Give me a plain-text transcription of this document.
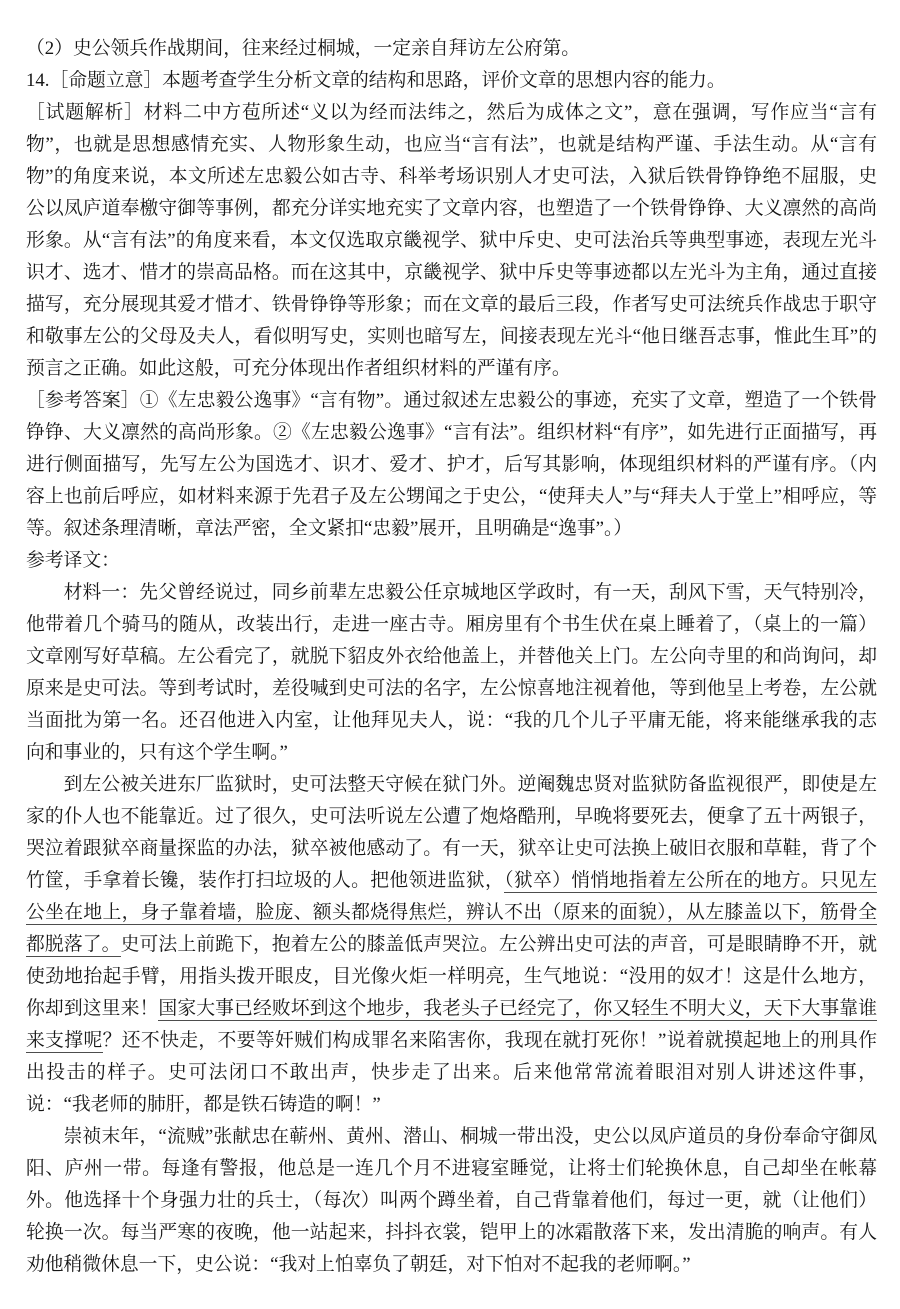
（2）史公领兵作战期间，往来经过桐城，一定亲自拜访左公府第。

14.［命题立意］本题考查学生分析文章的结构和思路，评价文章的思想内容的能力。

［试题解析］材料二中方苞所述“义以为经而法纬之，然后为成体之文”，意在强调，写作应当“言有物”，也就是思想感情充实、人物形象生动，也应当“言有法”，也就是结构严谨、手法生动。从“言有物”的角度来说，本文所述左忠毅公如古寺、科举考场识别人才史可法，入狱后铁骨铮铮绝不屈服，史公以凤庐道奉檄守御等事例，都充分详实地充实了文章内容，也塑造了一个铁骨铮铮、大义凛然的高尚形象。从“言有法”的角度来看，本文仅选取京畿视学、狱中斥史、史可法治兵等典型事迹，表现左光斗识才、选才、惜才的崇高品格。而在这其中，京畿视学、狱中斥史等事迹都以左光斗为主角，通过直接描写，充分展现其爱才惜才、铁骨铮铮等形象；而在文章的最后三段，作者写史可法统兵作战忠于职守和敬事左公的父母及夫人，看似明写史，实则也暗写左，间接表现左光斗“他日继吾志事，惟此生耳”的预言之正确。如此这般，可充分体现出作者组织材料的严谨有序。

［参考答案］①《左忠毅公逸事》“言有物”。通过叙述左忠毅公的事迹，充实了文章，塑造了一个铁骨铮铮、大义凛然的高尚形象。②《左忠毅公逸事》“言有法”。组织材料“有序”，如先进行正面描写，再进行侧面描写，先写左公为国选才、识才、爱才、护才，后写其影响，体现组织材料的严谨有序。（内容上也前后呼应，如材料来源于先君子及左公甥闻之于史公，“使拜夫人”与“拜夫人于堂上”相呼应，等等。叙述条理清晰，章法严密，全文紧扣“忠毅”展开，且明确是“逸事”。）

参考译文：

材料一：先父曾经说过，同乡前辈左忠毅公任京城地区学政时，有一天，刮风下雪，天气特别冷，他带着几个骑马的随从，改装出行，走进一座古寺。厢房里有个书生伏在桌上睡着了，（桌上的一篇）文章刚写好草稿。左公看完了，就脱下貂皮外衣给他盖上，并替他关上门。左公向寺里的和尚询问，却原来是史可法。等到考试时，差役喊到史可法的名字，左公惊喜地注视着他，等到他呈上考卷，左公就当面批为第一名。还召他进入内室，让他拜见夫人，说：“我的几个儿子平庸无能，将来能继承我的志向和事业的，只有这个学生啊。”

到左公被关进东厂监狱时，史可法整天守候在狱门外。逆阉魏忠贤对监狱防备监视很严，即使是左家的仆人也不能靠近。过了很久，史可法听说左公遭了炮烙酷刑，早晚将要死去，便拿了五十两银子，哭泣着跟狱卒商量探监的办法，狱卒被他感动了。有一天，狱卒让史可法换上破旧衣服和草鞋，背了个竹筐，手拿着长镵，装作打扫垃圾的人。把他领进监狱，（狱卒）悄悄地指着左公所在的地方。只见左公坐在地上，身子靠着墙，脸庞、额头都烧得焦烂，辨认不出（原来的面貌），从左膝盖以下，筋骨全都脱落了。史可法上前跪下，抱着左公的膝盖低声哭泣。左公辨出史可法的声音，可是眼睛睁不开，就使劲地抬起手臂，用指头拨开眼皮，目光像火炬一样明亮，生气地说：“没用的奴才！这是什么地方，你却到这里来！国家大事已经败坏到这个地步，我老头子已经完了，你又轻生不明大义，天下大事靠谁来支撑呢？还不快走，不要等奸贼们构成罪名来陷害你，我现在就打死你！”说着就摸起地上的刑具作出投击的样子。史可法闭口不敢出声，快步走了出来。后来他常常流着眼泪对别人讲述这件事，说：“我老师的肺肝，都是铁石铸造的啊！”

崇祯末年，“流贼”张献忠在蕲州、黄州、潜山、桐城一带出没，史公以凤庐道员的身份奉命守御凤阳、庐州一带。每逢有警报，他总是一连几个月不进寝室睡觉，让将士们轮换休息，自己却坐在帐幕外。他选择十个身强力壮的兵士，（每次）叫两个蹲坐着，自己背靠着他们，每过一更，就（让他们）轮换一次。每当严寒的夜晚，他一站起来，抖抖衣裳，铠甲上的冰霜散落下来，发出清脆的响声。有人劝他稍微休息一下，史公说：“我对上怕辜负了朝廷，对下怕对不起我的老师啊。”
